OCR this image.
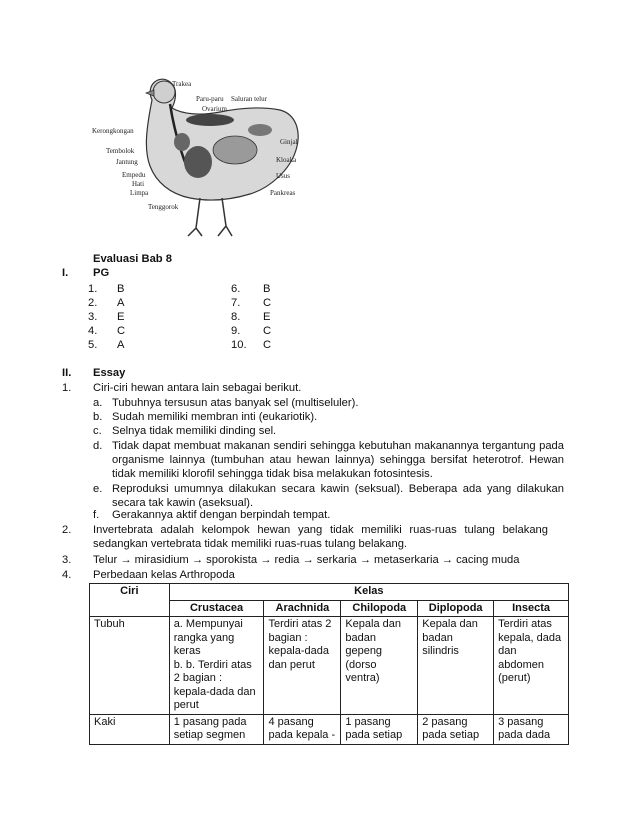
Trakea
Paru-paru Saluran telur
Ovarium
Ginjal
Kerongkongan
Kloaka
Tembolok
Jantung
Usus
Empedu
Hati
Limpa	Pankreas
Tenggorok
Evaluasi Bab 8
I. PG
1. B
2. A
3. E
4. C
5. A
6. B
7. C
8. E
9. C
10. C
II. Essay
1. Ciri-ciri hewan antara lain sebagai berikut.
a. Tubuhnya tersusun atas banyak sel (multiseluler).
b. Sudah memiliki membran inti (eukariotik).
c. Selnya tidak memiliki dinding sel.
d. Tidak dapat membuat makanan sendiri sehingga kebutuhan makanannya tergantung pada organisme lainnya (tumbuhan atau hewan lainnya) sehingga bersifat heterotrof. Hewan tidak memiliki klorofil sehingga tidak bisa melakukan fotosintesis.
e. Reproduksi umumnya dilakukan secara kawin (seksual). Beberapa ada yang dilakukan secara tak kawin (aseksual).
f. Gerakannya aktif dengan berpindah tempat.
2. Invertebrata adalah kelompok hewan yang tidak memiliki ruas-ruas tulang belakang sedangkan vertebrata tidak memiliki ruas-ruas tulang belakang.
3. Telur → mirasidium → sporokista → redia → serkaria → metaserkaria → cacing muda
4. Perbedaan kelas Arthropoda
Ciri	Kelas				
	Crustacea	Arachnida	Chilopoda	Diplopoda	Insecta
Tubuh	a. Mempunyai rangka yang keras
b. b. Terdiri atas 2 bagian : kepala-dada dan perut	Terdiri atas 2 bagian : kepala-dada dan perut	Kepala dan badan gepeng (dorso ventra)	Kepala dan badan silindris	Terdiri atas kepala, dada dan abdomen (perut)
Kaki	1 pasang pada setiap segmen	4 pasang pada kepala -	1 pasang pada setiap	2 pasang pada setiap	3 pasang pada dada
